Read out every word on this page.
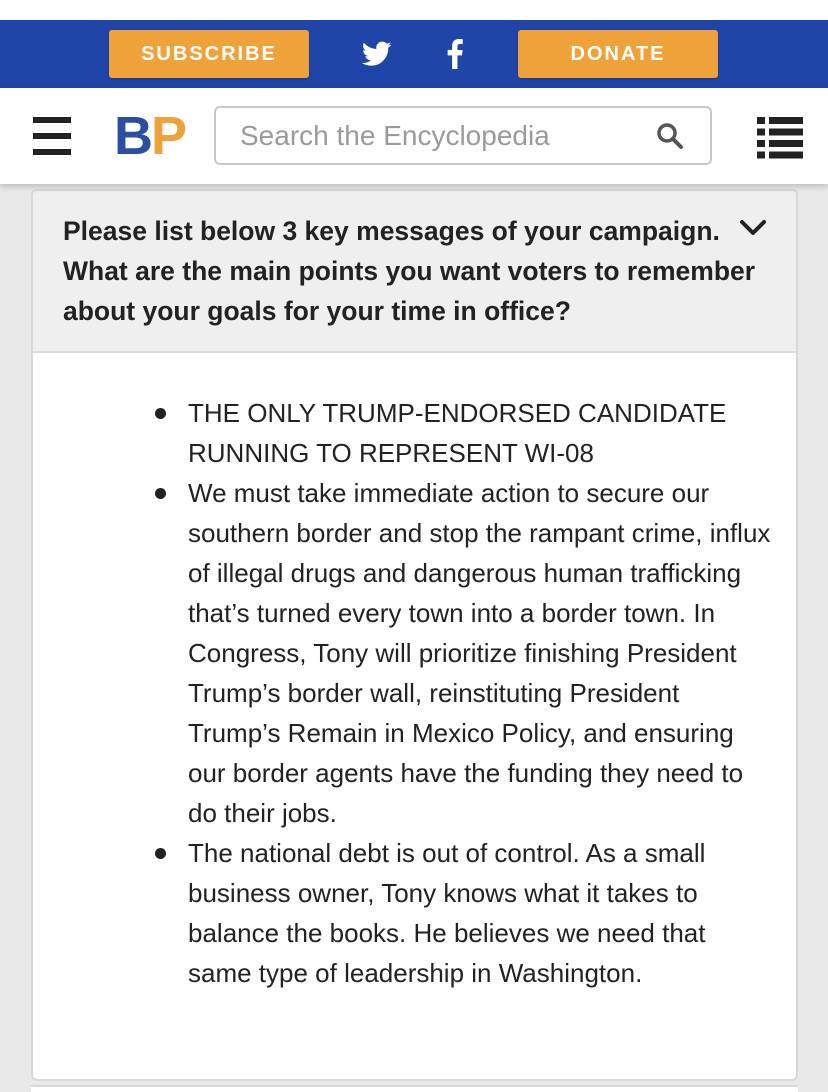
SUBSCRIBE	DONATE
BP
Search the Encyclopedia

Please list below 3 key messages of your campaign. What are the main points you want voters to remember about your goals for your time in office?

THE ONLY TRUMP-ENDORSED CANDIDATE RUNNING TO REPRESENT WI-08
We must take immediate action to secure our southern border and stop the rampant crime, influx of illegal drugs and dangerous human trafficking that’s turned every town into a border town. In Congress, Tony will prioritize finishing President Trump’s border wall, reinstituting President Trump’s Remain in Mexico Policy, and ensuring our border agents have the funding they need to do their jobs.
The national debt is out of control. As a small business owner, Tony knows what it takes to balance the books. He believes we need that same type of leadership in Washington.
